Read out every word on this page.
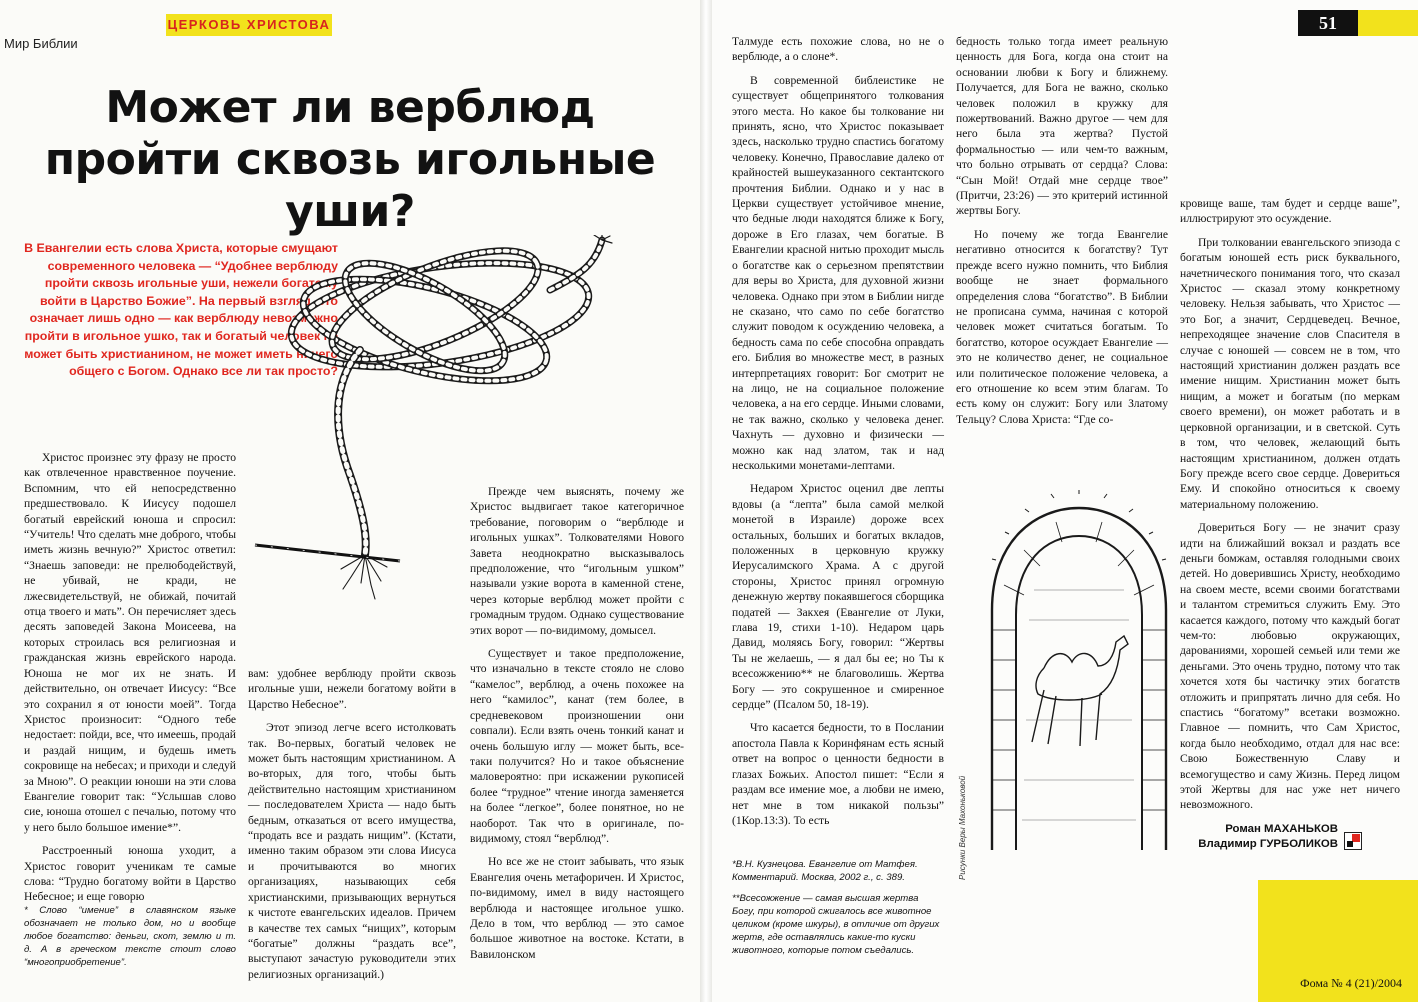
ЦЕРКОВЬ ХРИСТОВА
Мир Библии
Может ли верблюд пройти сквозь игольные уши?

В Евангелии есть слова Христа, которые смущают современного человека — “Удобнее верблюду пройти сквозь игольные уши, нежели богатому войти в Царство Божие”. На первый взгляд, это означает лишь одно — как верблюду невозможно пройти в игольное ушко, так и богатый человек не может быть христианином, не может иметь ничего общего с Богом. Однако все ли так просто?

Христос произнес эту фразу не просто как отвлеченное нравственное поучение. Вспомним, что ей непосредственно предшествовало. К Иисусу подошел богатый еврейский юноша и спросил: “Учитель! Что сделать мне доброго, чтобы иметь жизнь вечную?” Христос ответил: “Знаешь заповеди: не прелюбодействуй, не убивай, не кради, не лжесвидетельствуй, не обижай, почитай отца твоего и мать”. Он перечисляет здесь десять заповедей Закона Моисеева, на которых строилась вся религиозная и гражданская жизнь еврейского народа. Юноша не мог их не знать. И действительно, он отвечает Иисусу: “Все это сохранил я от юности моей”. Тогда Христос произносит: “Одного тебе недостает: пойди, все, что имеешь, продай и раздай нищим, и будешь иметь сокровище на небесах; и приходи и следуй за Мною”. О реакции юноши на эти слова Евангелие говорит так: “Услышав слово сие, юноша отошел с печалью, потому что у него было большое имение*”.

Расстроенный юноша уходит, а Христос говорит ученикам те самые слова: “Трудно богатому войти в Царство Небесное; и еще говорю

* Слово “имение” в славянском языке обозначает не только дом, но и вообще любое богатство: деньги, скот, землю и т. д. А в греческом тексте стоит слово “многоприобретение”.

вам: удобнее верблюду пройти сквозь игольные уши, нежели богатому войти в Царство Небесное”.

Этот эпизод легче всего истолковать так. Во-первых, богатый человек не может быть настоящим христианином. А во-вторых, для того, чтобы быть действительно настоящим христианином — последователем Христа — надо быть бедным, отказаться от всего имущества, “продать все и раздать нищим”. (Кстати, именно таким образом эти слова Иисуса и прочитываются во многих организациях, называющих себя христианскими, призывающих вернуться к чистоте евангельских идеалов. Причем в качестве тех самых “нищих”, которым “богатые” должны “раздать все”, выступают зачастую руководители этих религиозных организаций.)

Прежде чем выяснять, почему же Христос выдвигает такое категоричное требование, поговорим о “верблюде и игольных ушках”. Толкователями Нового Завета неоднократно высказывалось предположение, что “игольным ушком” называли узкие ворота в каменной стене, через которые верблюд может пройти с громадным трудом. Однако существование этих ворот — по-видимому, домысел.

Существует и такое предположение, что изначально в тексте стояло не слово “камелос”, верблюд, а очень похожее на него “камилос”, канат (тем более, в средневековом произношении они совпали). Если взять очень тонкий канат и очень большую иглу — может быть, все-таки получится? Но и такое объяснение маловероятно: при искажении рукописей более “трудное” чтение иногда заменяется на более “легкое”, более понятное, но не наоборот. Так что в оригинале, по-видимому, стоял “верблюд”.

Но все же не стоит забывать, что язык Евангелия очень метафоричен. И Христос, по-видимому, имел в виду настоящего верблюда и настоящее игольное ушко. Дело в том, что верблюд — это самое большое животное на востоке. Кстати, в Вавилонском

Талмуде есть похожие слова, но не о верблюде, а о слоне*.

В современной библеистике не существует общепринятого толкования этого места. Но какое бы толкование ни принять, ясно, что Христос показывает здесь, насколько трудно спастись богатому человеку. Конечно, Православие далеко от крайностей вышеуказанного сектантского прочтения Библии. Однако и у нас в Церкви существует устойчивое мнение, что бедные люди находятся ближе к Богу, дороже в Его глазах, чем богатые. В Евангелии красной нитью проходит мысль о богатстве как о серьезном препятствии для веры во Христа, для духовной жизни человека. Однако при этом в Библии нигде не сказано, что само по себе богатство служит поводом к осуждению человека, а бедность сама по себе способна оправдать его. Библия во множестве мест, в разных интерпретациях говорит: Бог смотрит не на лицо, не на социальное положение человека, а на его сердце. Иными словами, не так важно, сколько у человека денег. Чахнуть — духовно и физически — можно как над златом, так и над несколькими монетами-лептами.

Недаром Христос оценил две лепты вдовы (а “лепта” была самой мелкой монетой в Израиле) дороже всех остальных, больших и богатых вкладов, положенных в церковную кружку Иерусалимского Храма. А с другой стороны, Христос принял огромную денежную жертву покаявшегося сборщика податей — Закхея (Евангелие от Луки, глава 19, стихи 1-10). Недаром царь Давид, моляясь Богу, говорил: “Жертвы Ты не желаешь, — я дал бы ее; но Ты к всесожжению** не благоволишь. Жертва Богу — это сокрушенное и смиренное сердце” (Псалом 50, 18-19).

Что касается бедности, то в Послании апостола Павла к Коринфянам есть ясный ответ на вопрос о ценности бедности в глазах Божьих. Апостол пишет: “Если я раздам все имение мое, а любви не имею, нет мне в том никакой пользы” (1Кор.13:3). То есть

бедность только тогда имеет реальную ценность для Бога, когда она стоит на основании любви к Богу и ближнему. Получается, для Бога не важно, сколько человек положил в кружку для пожертвований. Важно другое — чем для него была эта жертва? Пустой формальностью — или чем-то важным, что больно отрывать от сердца? Слова: “Сын Мой! Отдай мне сердце твое” (Притчи, 23:26) — это критерий истинной жертвы Богу.

Но почему же тогда Евангелие негативно относится к богатству? Тут прежде всего нужно помнить, что Библия вообще не знает формального определения слова “богатство”. В Библии не прописана сумма, начиная с которой человек может считаться богатым. То богатство, которое осуждает Евангелие — это не количество денег, не социальное или политическое положение человека, а его отношение ко всем этим благам. То есть кому он служит: Богу или Златому Тельцу? Слова Христа: “Где со-

Рисунки Веры Махоньковой

*В.Н. Кузнецова. Евангелие от Матфея. Комментарий. Москва, 2002 г., с. 389.

**Всесожжение — самая высшая жертва Богу, при которой сжигалось все животное целиком (кроме шкуры), в отличие от других жертв, где оставлялись какие-то куски животного, которые потом съедались.

51

кровище ваше, там будет и сердце ваше”, иллюстрируют это осуждение.

При толковании евангельского эпизода с богатым юношей есть риск буквального, начетнического понимания того, что сказал Христос — сказал этому конкретному человеку. Нельзя забывать, что Христос — это Бог, а значит, Сердцеведец. Вечное, непреходящее значение слов Спасителя в случае с юношей — совсем не в том, что настоящий христианин должен раздать все имение нищим. Христианин может быть нищим, а может и богатым (по меркам своего времени), он может работать и в церковной организации, и в светской. Суть в том, что человек, желающий быть настоящим христианином, должен отдать Богу прежде всего свое сердце. Довериться Ему. И спокойно относиться к своему материальному положению.

Довериться Богу — не значит сразу идти на ближайший вокзал и раздать все деньги бомжам, оставляя голодными своих детей. Но доверившись Христу, необходимо на своем месте, всеми своими богатствами и талантом стремиться служить Ему. Это касается каждого, потому что каждый богат чем-то: любовью окружающих, дарованиями, хорошей семьей или теми же деньгами. Это очень трудно, потому что так хочется хотя бы частичку этих богатств отложить и припрятать лично для себя. Но спастись “богатому” всетаки возможно. Главное — помнить, что Сам Христос, когда было необходимо, отдал для нас все: Свою Божественную Славу и всемогущество и саму Жизнь. Перед лицом этой Жертвы для нас уже нет ничего невозможного.

Роман МАХАНЬКОВ
Владимир ГУРБОЛИКОВ

Фома № 4 (21)/2004
